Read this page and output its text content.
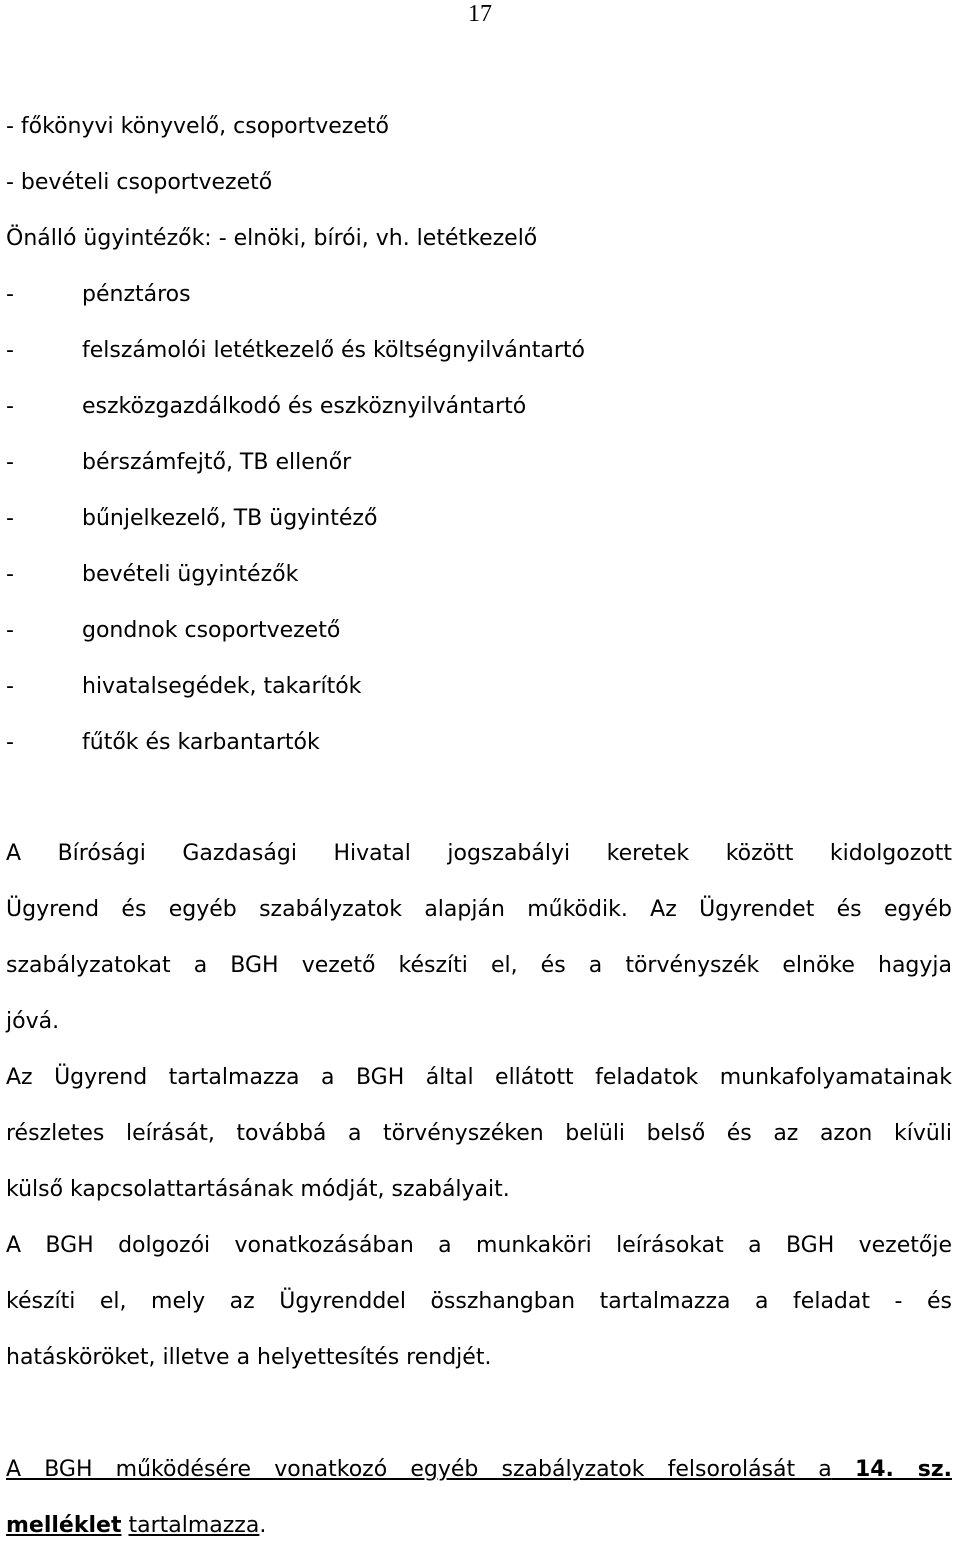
17
- főkönyvi könyvelő, csoportvezető
- bevételi csoportvezető
Önálló ügyintézők: - elnöki, bírói, vh. letétkezelő
-	pénztáros
-	felszámolói letétkezelő és költségnyilvántartó
-	eszközgazdálkodó és eszköznyilvántartó
-	bérszámfejtő, TB ellenőr
-	bűnjelkezelő, TB ügyintéző
-	bevételi ügyintézők
-	gondnok csoportvezető
-	hivatalsegédek, takarítók
-	fűtők és karbantartók
A Bírósági Gazdasági Hivatal jogszabályi keretek között kidolgozott
Ügyrend és egyéb szabályzatok alapján működik. Az Ügyrendet és egyéb
szabályzatokat a BGH vezető készíti el, és a törvényszék elnöke hagyja
jóvá.
Az Ügyrend tartalmazza a BGH által ellátott feladatok munkafolyamatainak
részletes leírását, továbbá a törvényszéken belüli belső és az azon kívüli
külső kapcsolattartásának módját, szabályait.
A BGH dolgozói vonatkozásában a munkaköri leírásokat a BGH vezetője
készíti el, mely az Ügyrenddel összhangban tartalmazza a feladat - és
hatásköröket, illetve a helyettesítés rendjét.
A BGH működésére vonatkozó egyéb szabályzatok felsorolását a 14. sz.
melléklet tartalmazza.
